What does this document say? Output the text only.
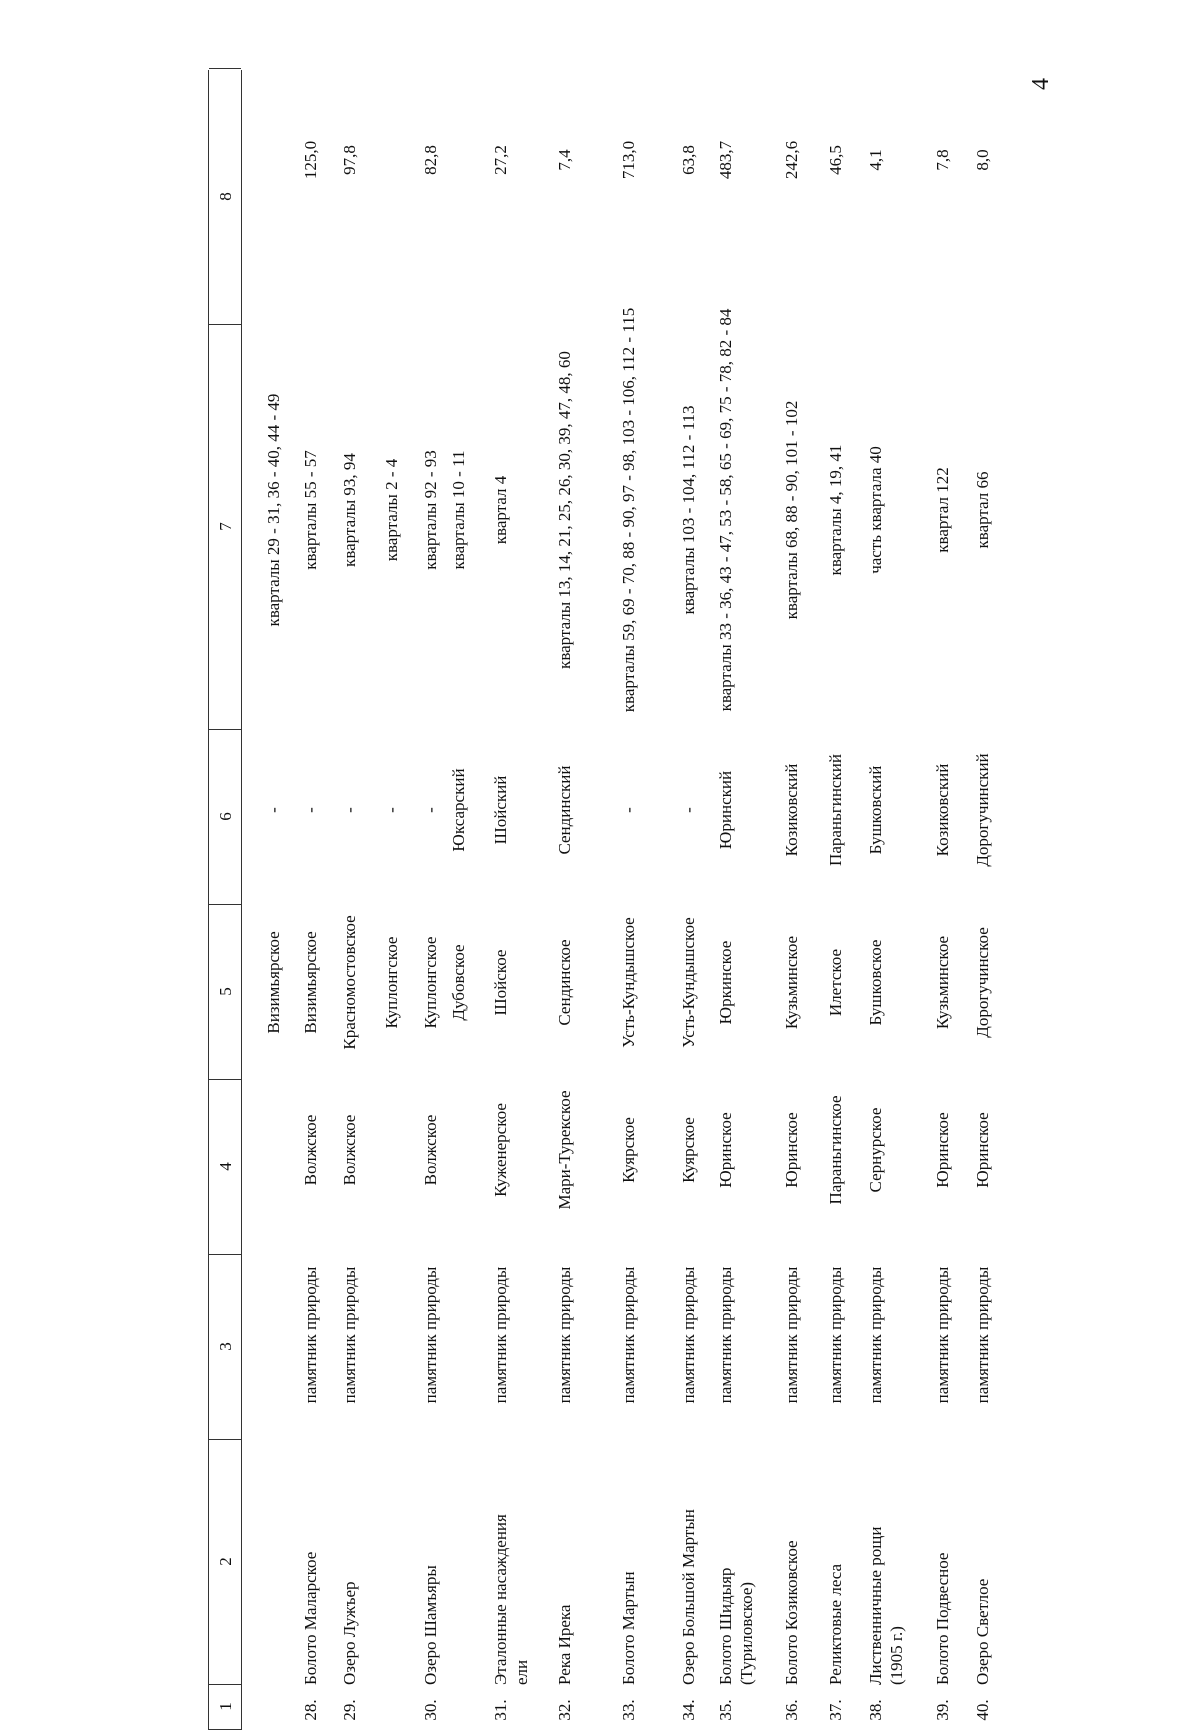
4
1
2
3
4
5
6
7
8
Визимьярское
-
кварталы 29 - 31, 36 - 40, 44 - 49
28.
Болото Маларское
памятник природы
Волжское
Визимьярское
-
кварталы 55 - 57
125,0
29.
Озеро Лужъер
памятник природы
Волжское
Красномостовское
-
кварталы 93, 94
97,8
Куплонгское
-
кварталы 2 - 4
30.
Озеро Шамъяры
памятник природы
Волжское
Куплонгское
-
кварталы 92 - 93
82,8
Дубовское
Юксарский
кварталы 10 - 11
31.
Эталонные насаждения ели
памятник природы
Куженерское
Шойское
Шойский
квартал 4
27,2
32.
Река Ирека
памятник природы
Мари-Турекское
Сендинское
Сендинский
кварталы 13, 14, 21, 25, 26, 30, 39, 47, 48, 60
7,4
33.
Болото Мартын
памятник природы
Куярское
Усть-Кундышское
-
кварталы 59, 69 - 70, 88 - 90, 97 - 98, 103 - 106, 112 - 115
713,0
34.
Озеро Большой Мартын
памятник природы
Куярское
Усть-Кундышское
-
кварталы 103 - 104, 112 - 113
63,8
35.
Болото Шидыяр (Туриловское)
памятник природы
Юринское
Юркинское
Юринский
кварталы 33 - 36, 43 - 47, 53 - 58, 65 - 69, 75 - 78, 82 - 84
483,7
36.
Болото Козиковское
памятник природы
Юринское
Кузьминское
Козиковский
кварталы 68, 88 - 90, 101 - 102
242,6
37.
Реликтовые леса
памятник природы
Параньгинское
Илетское
Параньгинский
кварталы 4, 19, 41
46,5
38.
Лиственничные рощи (1905 г.)
памятник природы
Сернурское
Бушковское
Бушковский
часть квартала 40
4,1
39.
Болото Подвесное
памятник природы
Юринское
Кузьминское
Козиковский
квартал 122
7,8
40.
Озеро Светлое
памятник природы
Юринское
Дорогучинское
Дорогучинский
квартал 66
8,0
